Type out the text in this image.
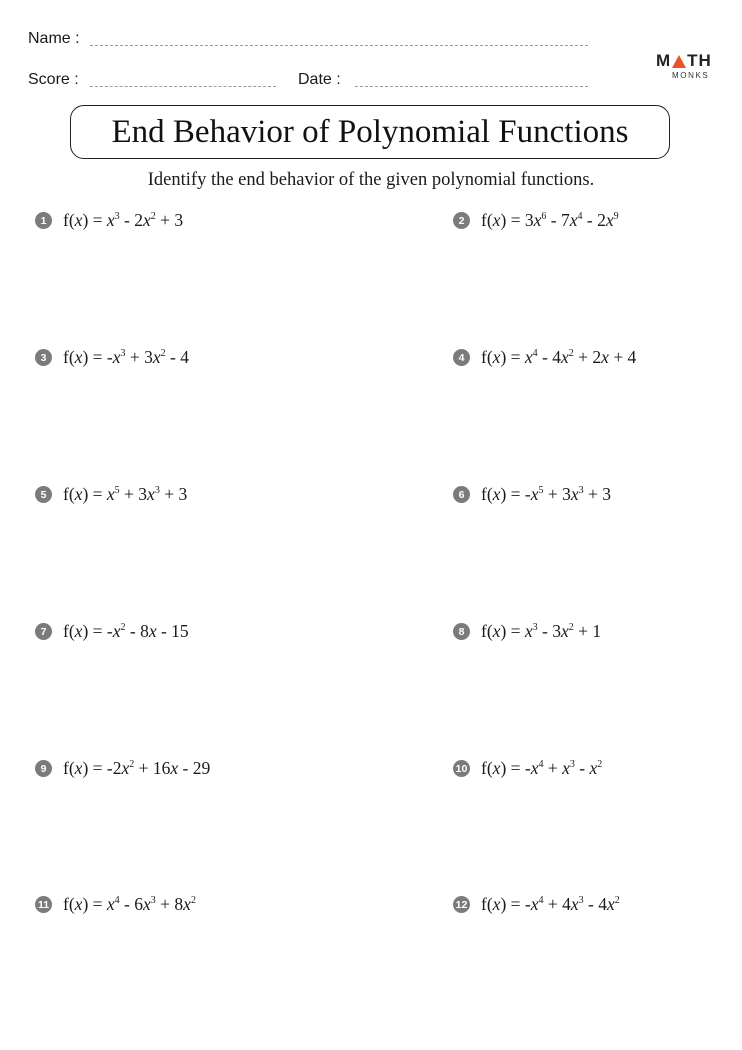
Name :
Score :	Date :
M TH
MONKS
End Behavior of Polynomial Functions
Identify the end behavior of the given polynomial functions.
1 $f(x) = x^3 - 2x^2 + 3$	2 $f(x) = 3x^6 - 7x^4 - 2x^9$
3 $f(x) = -x^3 + 3x^2 - 4$	4 $f(x) = x^4 - 4x^2 + 2x + 4$
5 $f(x) = x^5 + 3x^3 + 3$	6 $f(x) = -x^5 + 3x^3 + 3$
7 $f(x) = -x^2 - 8x - 15$	8 $f(x) = x^3 - 3x^2 + 1$
9 $f(x) = -2x^2 + 16x - 29$	10 $f(x) = -x^4 + x^3 - x^2$
11 $f(x) = x^4 - 6x^3 + 8x^2$	12 $f(x) = -x^4 + 4x^3 - 4x^2$
